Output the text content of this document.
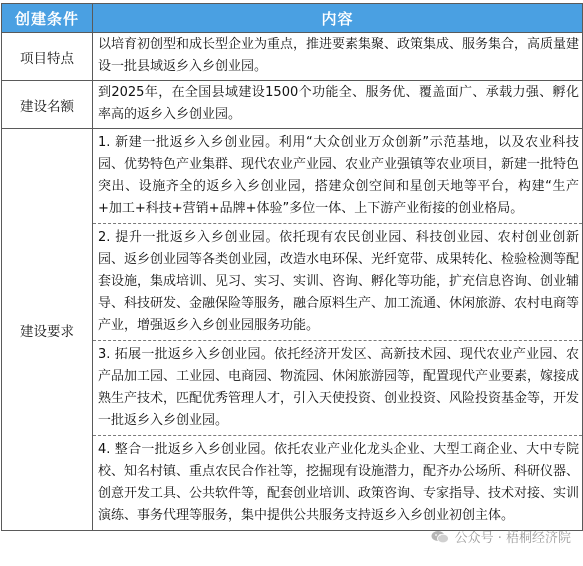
创建条件	内容
项目特点	以培育初创型和成长型企业为重点，推进要素集聚、政策集成、服务集合，高质量建设一批县域返乡入乡创业园。
建设名额	到2025年，在全国县域建设1500个功能全、服务优、覆盖面广、承载力强、孵化率高的返乡入乡创业园。
建设要求	1. 新建一批返乡入乡创业园。利用“大众创业万众创新”示范基地，以及农业科技园、优势特色产业集群、现代农业产业园、农业产业强镇等农业项目，新建一批特色突出、设施齐全的返乡入乡创业园，搭建众创空间和星创天地等平台，构建“生产+加工+科技+营销+品牌+体验”多位一体、上下游产业衔接的创业格局。
2. 提升一批返乡入乡创业园。依托现有农民创业园、科技创业园、农村创业创新园、返乡创业园等各类创业园，改造水电环保、光纤宽带、成果转化、检验检测等配套设施，集成培训、见习、实习、实训、咨询、孵化等功能，扩充信息咨询、创业辅导、科技研发、金融保险等服务，融合原料生产、加工流通、休闲旅游、农村电商等产业，增强返乡入乡创业园服务功能。
3. 拓展一批返乡入乡创业园。依托经济开发区、高新技术园、现代农业产业园、农产品加工园、工业园、电商园、物流园、休闲旅游园等，配置现代产业要素，嫁接成熟生产技术，匹配优秀管理人才，引入天使投资、创业投资、风险投资基金等，开发一批返乡入乡创业园。
4. 整合一批返乡入乡创业园。依托农业产业化龙头企业、大型工商企业、大中专院校、知名村镇、重点农民合作社等，挖掘现有设施潜力，配齐办公场所、科研仪器、创意开发工具、公共软件等，配套创业培训、政策咨询、专家指导、技术对接、实训演练、事务代理等服务，集中提供公共服务支持返乡入乡创业初创主体。
公众号 · 梧桐经济院
